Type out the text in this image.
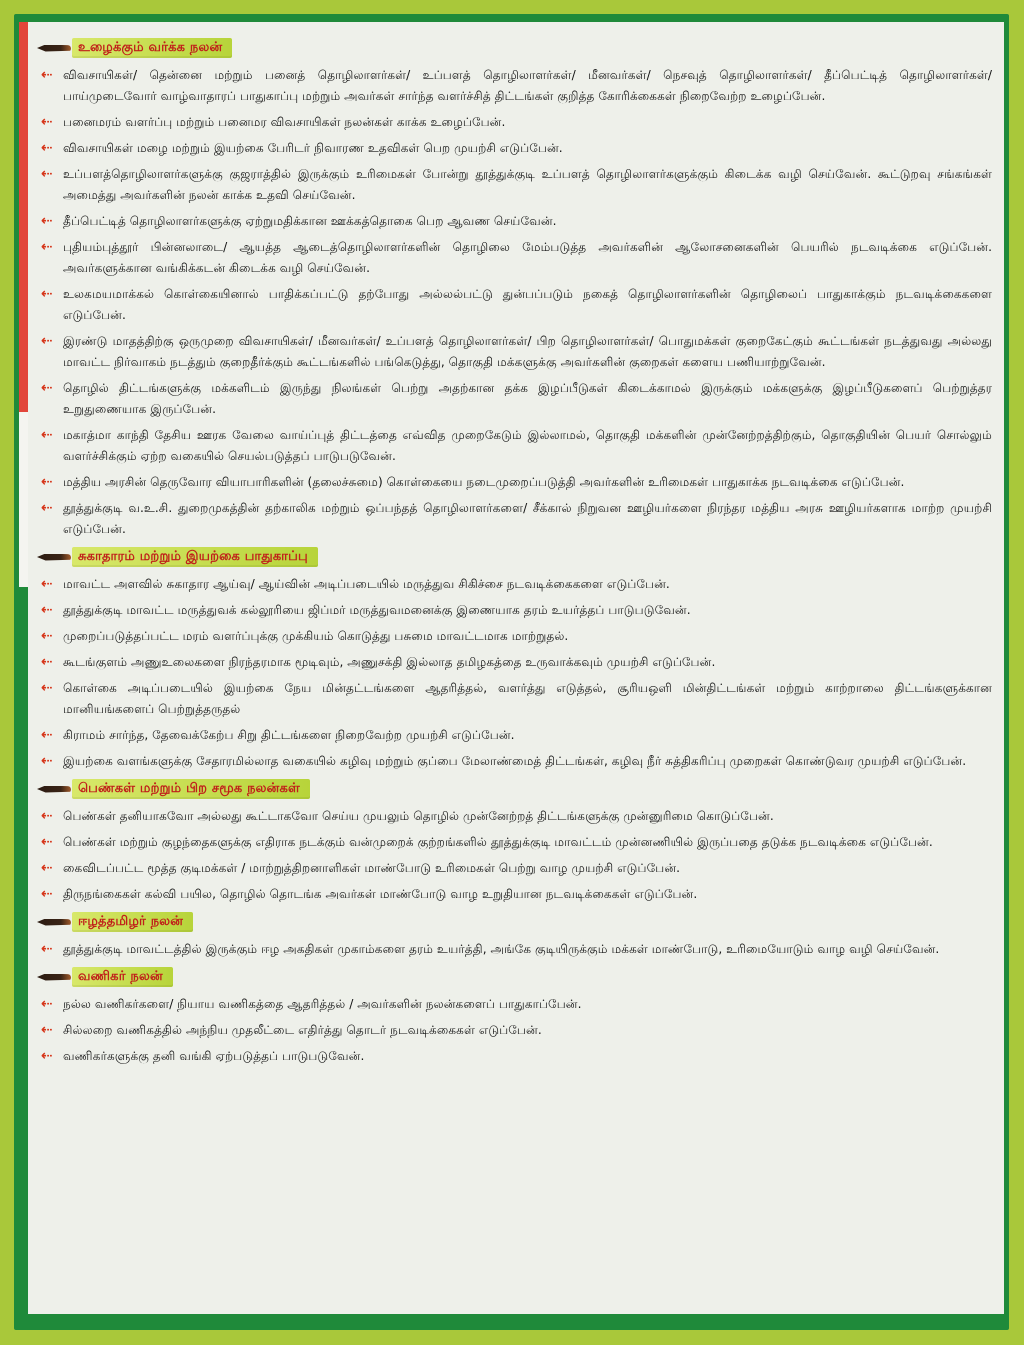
உழைக்கும் வர்க்க நலன்
⇠ விவசாயிகள்/ தென்னை மற்றும் பனைத் தொழிலாளர்கள்/ உப்பளத் தொழிலாளர்கள்/ மீனவர்கள்/ நெசவுத் தொழிலாளர்கள்/ தீப்பெட்டித் தொழிலாளர்கள்/ பாய்முடைவோர் வாழ்வாதாரப் பாதுகாப்பு மற்றும் அவர்கள் சார்ந்த வளர்ச்சித் திட்டங்கள் குறித்த கோரிக்கைகள் நிறைவேற்ற உழைப்பேன்.
⇠ பனைமரம் வளர்ப்பு மற்றும் பனைமர விவசாயிகள் நலன்கள் காக்க உழைப்பேன்.
⇠ விவசாயிகள் மழை மற்றும் இயற்கை பேரிடர் நிவாரண உதவிகள் பெற முயற்சி எடுப்பேன்.
⇠ உப்பளத்தொழிலாளர்களுக்கு குஜராத்தில் இருக்கும் உரிமைகள் போன்று தூத்துக்குடி உப்பளத் தொழிலாளர்களுக்கும் கிடைக்க வழி செய்வேன். கூட்டுறவு சங்கங்கள் அமைத்து அவர்களின் நலன் காக்க உதவி செய்வேன்.
⇠ தீப்பெட்டித் தொழிலாளர்களுக்கு ஏற்றுமதிக்கான ஊக்கத்தொகை பெற ஆவண செய்வேன்.
⇠ புதியம்புத்தூர் பின்னலாடை/ ஆயத்த ஆடைத்தொழிலாளர்களின் தொழிலை மேம்படுத்த அவர்களின் ஆலோசனைகளின் பெயரில் நடவடிக்கை எடுப்பேன். அவர்களுக்கான வங்கிக்கடன் கிடைக்க வழி செய்வேன்.
⇠ உலகமயமாக்கல் கொள்கையினால் பாதிக்கப்பட்டு தற்போது அல்லல்பட்டு துன்பப்படும் நகைத் தொழிலாளர்களின் தொழிலைப் பாதுகாக்கும் நடவடிக்கைகளை எடுப்பேன்.
⇠ இரண்டு மாதத்திற்கு ஒருமுறை விவசாயிகள்/ மீனவர்கள்/ உப்பளத் தொழிலாளர்கள்/ பிற தொழிலாளர்கள்/ பொதுமக்கள் குறைகேட்கும் கூட்டங்கள் நடத்துவது அல்லது மாவட்ட நிர்வாகம் நடத்தும் குறைதீர்க்கும் கூட்டங்களில் பங்கெடுத்து, தொகுதி மக்களுக்கு அவர்களின் குறைகள் களைய பணியாற்றுவேன்.
⇠ தொழில் திட்டங்களுக்கு மக்களிடம் இருந்து நிலங்கள் பெற்று அதற்கான தக்க இழப்பீடுகள் கிடைக்காமல் இருக்கும் மக்களுக்கு இழப்பீடுகளைப் பெற்றுத்தர உறுதுணையாக இருப்பேன்.
⇠ மகாத்மா காந்தி தேசிய ஊரக வேலை வாய்ப்புத் திட்டத்தை எவ்வித முறைகேடும் இல்லாமல், தொகுதி மக்களின் முன்னேற்றத்திற்கும், தொகுதியின் பெயர் சொல்லும் வளர்ச்சிக்கும் ஏற்ற வகையில் செயல்படுத்தப் பாடுபடுவேன்.
⇠ மத்திய அரசின் தெருவோர வியாபாரிகளின் (தலைச்சுமை) கொள்கையை நடைமுறைப்படுத்தி அவர்களின் உரிமைகள் பாதுகாக்க நடவடிக்கை எடுப்பேன்.
⇠ தூத்துக்குடி வ.உ.சி. துறைமுகத்தின் தற்காலிக மற்றும் ஒப்பந்தத் தொழிலாளர்களை/ சீக்கால் நிறுவன ஊழியர்களை நிரந்தர மத்திய அரசு ஊழியர்களாக மாற்ற முயற்சி எடுப்பேன்.
சுகாதாரம் மற்றும் இயற்கை பாதுகாப்பு
⇠ மாவட்ட அளவில் சுகாதார ஆய்வு/ ஆய்வின் அடிப்படையில் மருத்துவ சிகிச்சை நடவடிக்கைகளை எடுப்பேன்.
⇠ தூத்துக்குடி மாவட்ட மருத்துவக் கல்லூரியை ஜிப்மர் மருத்துவமனைக்கு இணையாக தரம் உயர்த்தப் பாடுபடுவேன்.
⇠ முறைப்படுத்தப்பட்ட மரம் வளர்ப்புக்கு முக்கியம் கொடுத்து பசுமை மாவட்டமாக மாற்றுதல்.
⇠ கூடங்குளம் அணுஉலைகளை நிரந்தரமாக மூடிவும், அணுசக்தி இல்லாத தமிழகத்தை உருவாக்கவும் முயற்சி எடுப்பேன்.
⇠ கொள்கை அடிப்படையில் இயற்கை நேய மின்தட்டங்களை ஆதரித்தல், வளர்த்து எடுத்தல், சூரியஒளி மின்திட்டங்கள் மற்றும் காற்றாலை திட்டங்களுக்கான மானியங்களைப் பெற்றுத்தருதல்
⇠ கிராமம் சார்ந்த, தேவைக்கேற்ப சிறு திட்டங்களை நிறைவேற்ற முயற்சி எடுப்பேன்.
⇠ இயற்கை வளங்களுக்கு சேதாரமில்லாத வகையில் கழிவு மற்றும் குப்பை மேலாண்மைத் திட்டங்கள், கழிவு நீர் சுத்திகரிப்பு முறைகள் கொண்டுவர முயற்சி எடுப்பேன்.
பெண்கள் மற்றும் பிற சமூக நலன்கள்
⇠ பெண்கள் தனியாகவோ அல்லது கூட்டாகவோ செய்ய முயலும் தொழில் முன்னேற்றத் திட்டங்களுக்கு முன்னுரிமை கொடுப்பேன்.
⇠ பெண்கள் மற்றும் குழந்தைகளுக்கு எதிராக நடக்கும் வன்முறைக் குற்றங்களில் தூத்துக்குடி மாவட்டம் முன்னணியில் இருப்பதை தடுக்க நடவடிக்கை எடுப்பேன்.
⇠ கைவிடப்பட்ட மூத்த குடிமக்கள் / மாற்றுத்திறனாளிகள் மாண்போடு உரிமைகள் பெற்று வாழ முயற்சி எடுப்பேன்.
⇠ திருநங்கைகள் கல்வி பயில, தொழில் தொடங்க அவர்கள் மாண்போடு வாழ உறுதியான நடவடிக்கைகள் எடுப்பேன்.
ஈழத்தமிழர் நலன்
⇠ தூத்துக்குடி மாவட்டத்தில் இருக்கும் ஈழ அகதிகள் முகாம்களை தரம் உயர்த்தி, அங்கே குடியிருக்கும் மக்கள் மாண்போடு, உரிமையோடும் வாழ வழி செய்வேன்.
வணிகர் நலன்
⇠ நல்ல வணிகர்களை/ நியாய வணிகத்தை ஆதரித்தல் / அவர்களின் நலன்களைப் பாதுகாப்பேன்.
⇠ சில்லறை வணிகத்தில் அந்நிய முதலீட்டை எதிர்த்து தொடர் நடவடிக்கைகள் எடுப்பேன்.
⇠ வணிகர்களுக்கு தனி வங்கி ஏற்படுத்தப் பாடுபடுவேன்.
